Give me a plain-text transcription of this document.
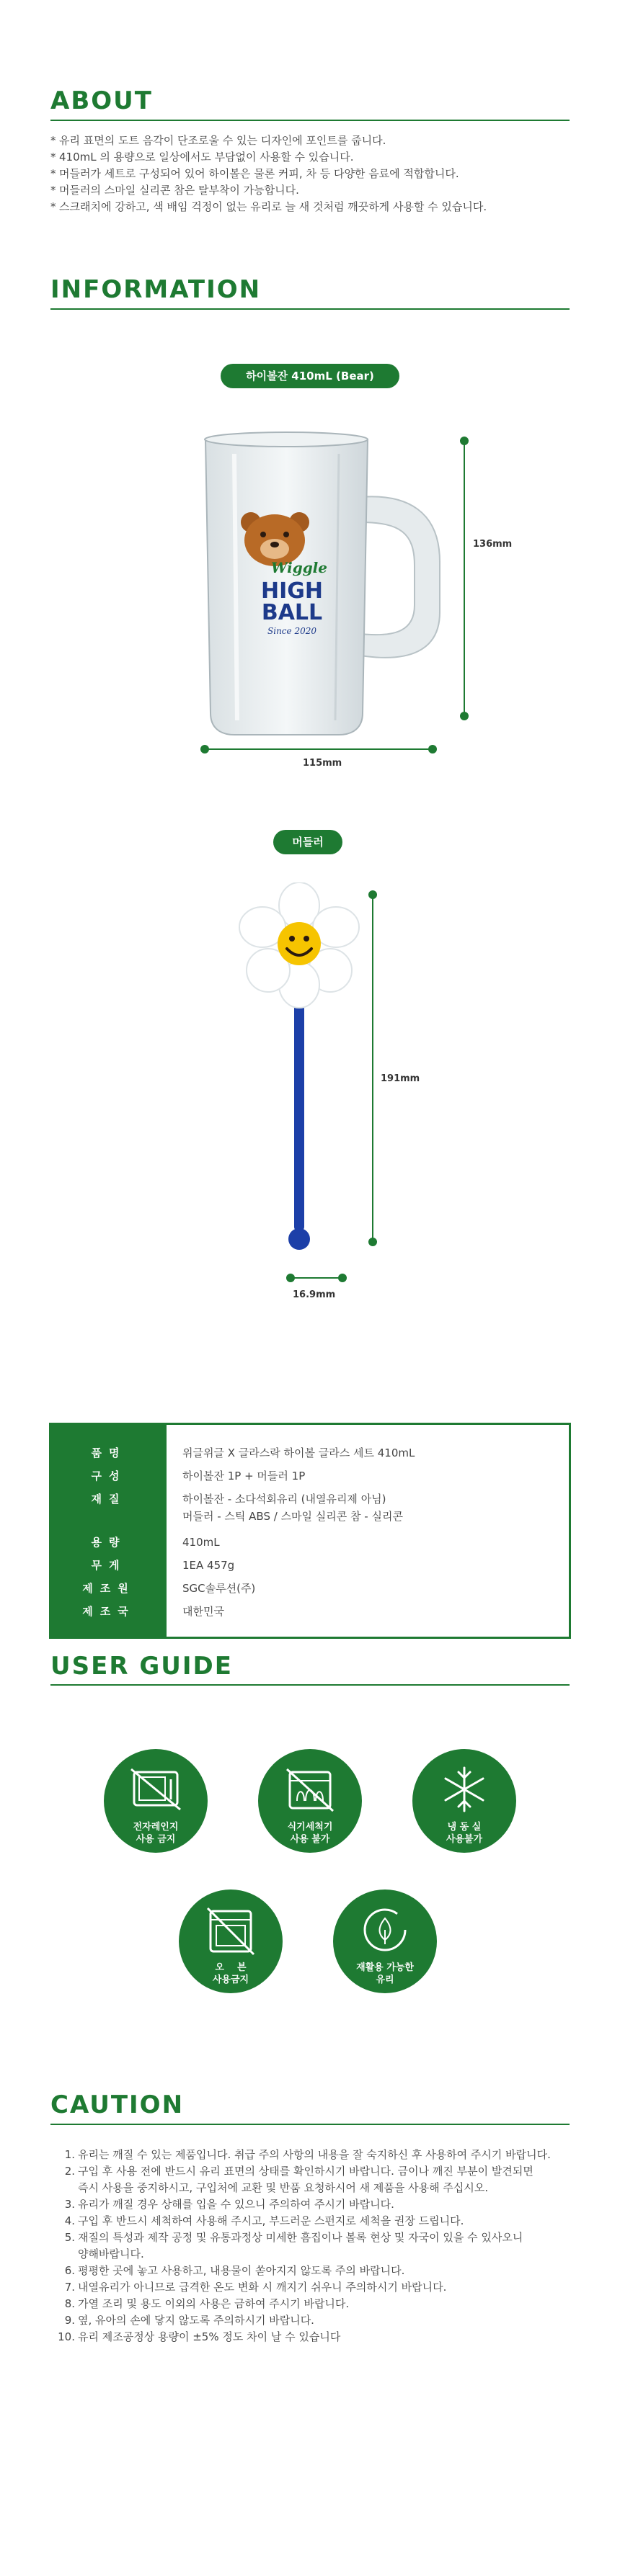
ABOUT
* 유리 표면의 도트 음각이 단조로울 수 있는 디자인에 포인트를 줍니다.
* 410mL 의 용량으로 일상에서도 부담없이 사용할 수 있습니다.
* 머들러가 세트로 구성되어 있어 하이볼은 물론 커피, 차 등 다양한 음료에 적합합니다.
* 머들러의 스마일 실리콘 참은 탈부착이 가능합니다.
* 스크래치에 강하고, 색 배임 걱정이 없는 유리로 늘 새 것처럼 깨끗하게 사용할 수 있습니다.
INFORMATION
하이볼잔 410mL (Bear)
Wiggle
HIGH
BALL
Since 2020
136mm
115mm
머들러
191mm
16.9mm
품명	위글위글 X 글라스락 하이볼 글라스 세트 410mL
구성	하이볼잔 1P + 머들러 1P
재질	하이볼잔 - 소다석회유리 (내열유리제 아님)
머들러 - 스틱 ABS / 스마일 실리콘 참 - 실리콘
용량	410mL
무게	1EA 457g
제조원	SGC솔루션(주)
제조국	대한민국
USER GUIDE
전자레인지
사용 금지
식기세척기
사용 불가
냉 동 실
사용불가
오    븐
사용금지
재활용 가능한
유리
CAUTION
1. 유리는 깨질 수 있는 제품입니다. 취급 주의 사항의 내용을 잘 숙지하신 후 사용하여 주시기 바랍니다.
2. 구입 후 사용 전에 반드시 유리 표면의 상태를 확인하시기 바랍니다. 금이나 깨진 부분이 발견되면
즉시 사용을 중지하시고, 구입처에 교환 및 반품 요청하시어 새 제품을 사용해 주십시오.
3. 유리가 깨질 경우 상해를 입을 수 있으니 주의하여 주시기 바랍니다.
4. 구입 후 반드시 세척하여 사용해 주시고, 부드러운 스펀지로 세척을 권장 드립니다.
5. 재질의 특성과 제작 공정 및 유통과정상 미세한 흠집이나 볼록 현상 및 자국이 있을 수 있사오니
양해바랍니다.
6. 평평한 곳에 놓고 사용하고, 내용물이 쏟아지지 않도록 주의 바랍니다.
7. 내열유리가 아니므로 급격한 온도 변화 시 깨지기 쉬우니 주의하시기 바랍니다.
8. 가열 조리 및 용도 이외의 사용은 금하여 주시기 바랍니다.
9. 옆, 유아의 손에 닿지 않도록 주의하시기 바랍니다.
10. 유리 제조공정상 용량이 ±5% 정도 차이 날 수 있습니다
